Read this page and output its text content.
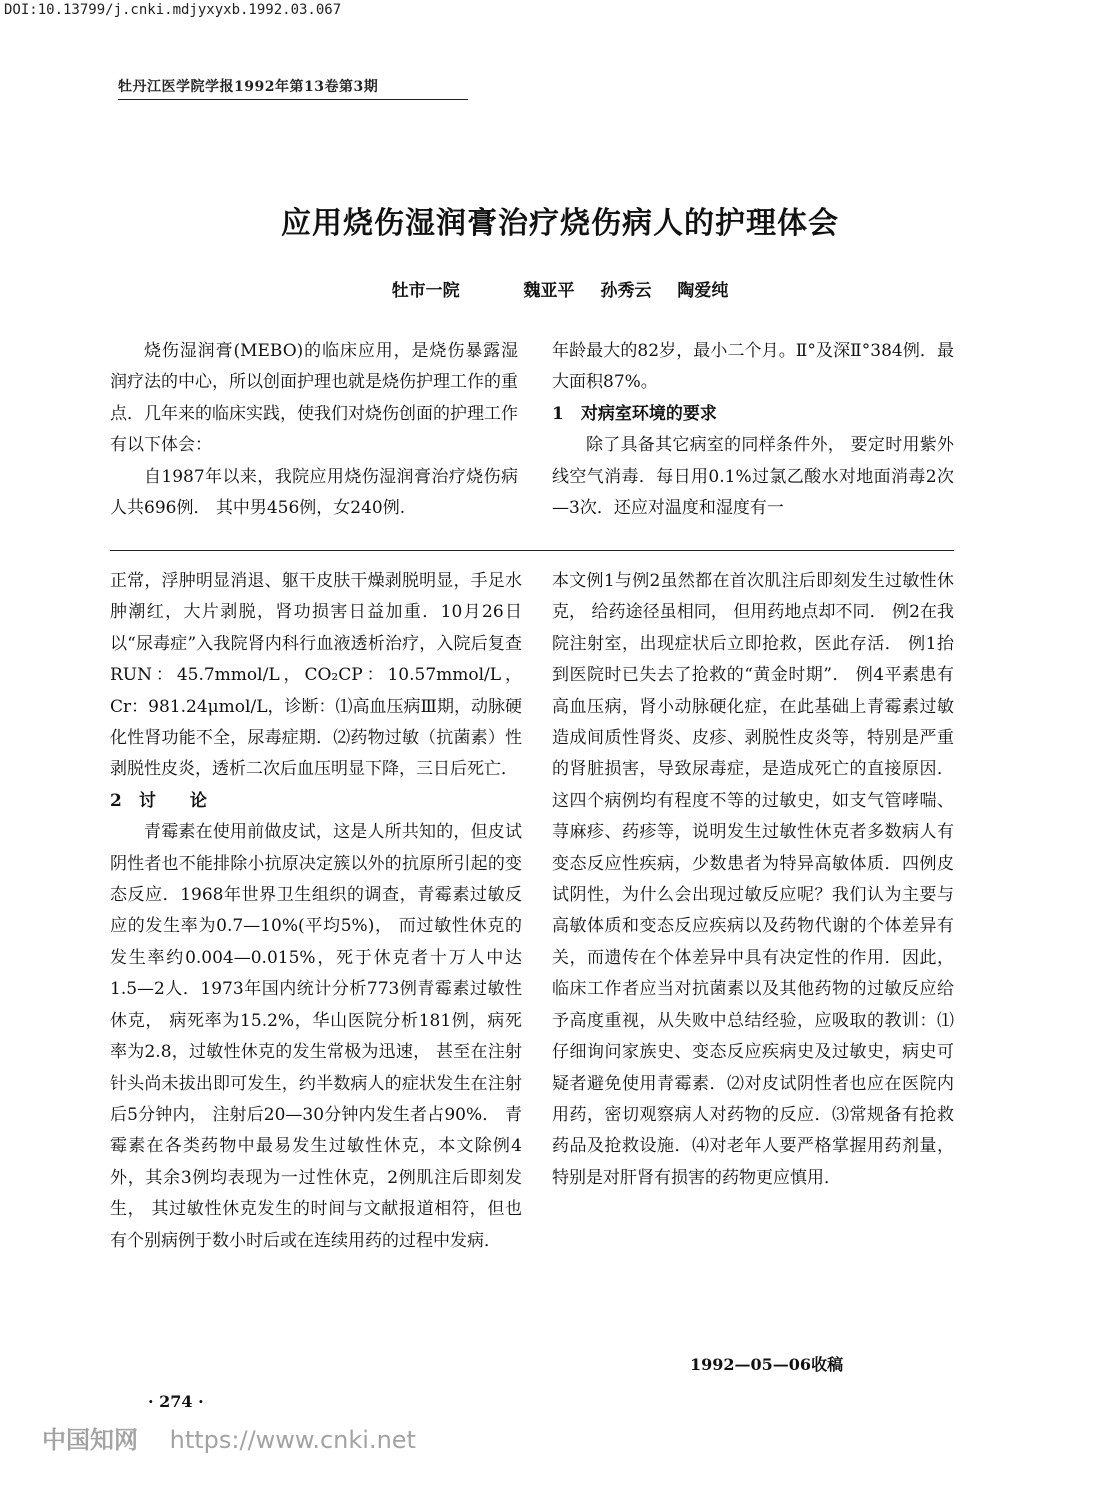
DOI:10.13799/j.cnki.mdjyxyxb.1992.03.067
牡丹江医学院学报1992年第13卷第3期
应用烧伤湿润膏治疗烧伤病人的护理体会
牡市一院	魏亚平 孙秀云 陶爱纯

烧伤湿润膏(MEBO)的临床应用，是烧伤暴露湿润疗法的中心，所以创面护理也就是烧伤护理工作的重点．几年来的临床实践，使我们对烧伤创面的护理工作有以下体会：

自1987年以来，我院应用烧伤湿润膏治疗烧伤病人共696例． 其中男456例，女240例.

年龄最大的82岁，最小二个月。Ⅱ°及深Ⅱ°384例．最大面积87%。

1　对病室环境的要求

除了具备其它病室的同样条件外， 要定时用紫外线空气消毒．每日用0.1%过氯乙酸水对地面消毒2次—3次．还应对温度和湿度有一

正常，浮肿明显消退、躯干皮肤干燥剥脱明显，手足水肿潮红，大片剥脱，肾功损害日益加重．10月26日以“尿毒症”入我院肾内科行血液透析治疗，入院后复查RUN：45.7mmol/L，CO₂CP：10.57mmol/L，Cr：981.24μmol/L，诊断：⑴高血压病Ⅲ期，动脉硬化性肾功能不全，尿毒症期．⑵药物过敏（抗菌素）性剥脱性皮炎，透析二次后血压明显下降，三日后死亡．

2　讨　　论

青霉素在使用前做皮试，这是人所共知的，但皮试阴性者也不能排除小抗原决定簇以外的抗原所引起的变态反应．1968年世界卫生组织的调查，青霉素过敏反应的发生率为0.7—10%(平均5%)， 而过敏性休克的发生率约0.004—0.015%，死于休克者十万人中达1.5—2人．1973年国内统计分析773例青霉素过敏性休克， 病死率为15.2%，华山医院分析181例，病死率为2.8，过敏性休克的发生常极为迅速， 甚至在注射针头尚未拔出即可发生，约半数病人的症状发生在注射后5分钟内， 注射后20—30分钟内发生者占90%． 青霉素在各类药物中最易发生过敏性休克，本文除例4外，其余3例均表现为一过性休克，2例肌注后即刻发生， 其过敏性休克发生的时间与文献报道相符，但也有个别病例于数小时后或在连续用药的过程中发病．

本文例1与例2虽然都在首次肌注后即刻发生过敏性休克， 给药途径虽相同， 但用药地点却不同． 例2在我院注射室，出现症状后立即抢救，医此存活． 例1抬到医院时已失去了抢救的“黄金时期”． 例4平素患有高血压病，肾小动脉硬化症，在此基础上青霉素过敏造成间质性肾炎、皮疹、剥脱性皮炎等，特别是严重的肾脏损害，导致尿毒症，是造成死亡的直接原因．这四个病例均有程度不等的过敏史，如支气管哮喘、荨麻疹、药疹等，说明发生过敏性休克者多数病人有变态反应性疾病，少数患者为特异高敏体质．四例皮试阴性，为什么会出现过敏反应呢？我们认为主要与高敏体质和变态反应疾病以及药物代谢的个体差异有关，而遗传在个体差异中具有决定性的作用．因此，临床工作者应当对抗菌素以及其他药物的过敏反应给予高度重视，从失败中总结经验，应吸取的教训：⑴仔细询问家族史、变态反应疾病史及过敏史，病史可疑者避免使用青霉素．⑵对皮试阴性者也应在医院内用药，密切观察病人对药物的反应．⑶常规备有抢救药品及抢救设施．⑷对老年人要严格掌握用药剂量，特别是对肝肾有损害的药物更应慎用．

1992—05—06收稿
· 274 ·
中国知网 https://www.cnki.net
